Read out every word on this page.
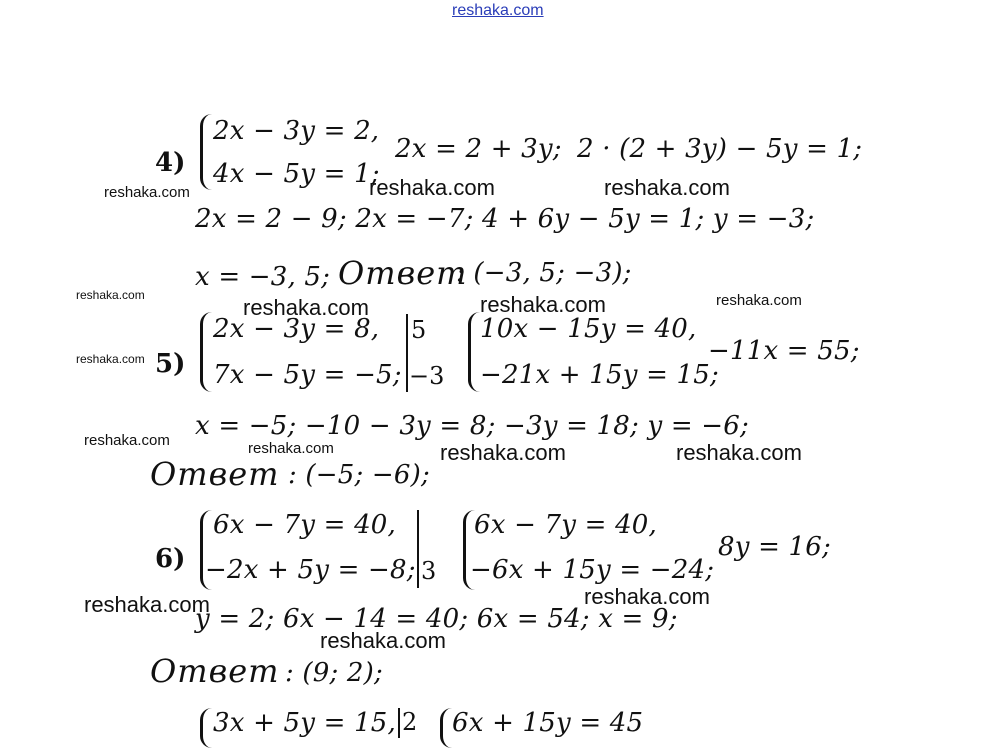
reshaka.com
4)
2x − 3y = 2,
4x − 5y = 1;
2x = 2 + 3y; 2 · (2 + 3y) − 5y = 1;
2x = 2 − 9; 2x = −7; 4 + 6y − 5y = 1; y = −3;
x = −3, 5; Ответ
: (−3, 5; −3);
5)
2x − 3y = 8,
7x − 5y = −5;
5
−3
10x − 15y = 40,
−21x + 15y = 15;
−11x = 55;
x = −5; −10 − 3y = 8; −3y = 18; y = −6;
Ответ : (−5; −6);
6)
6x − 7y = 40,
−2x + 5y = −8; 3
6x − 7y = 40,
−6x + 15y = −24;
8y = 16;
y = 2; 6x − 14 = 40; 6x = 54; x = 9;
Ответ : (9; 2);
3x + 5y = 15, 2 6x + 15y = 45
reshaka.com	reshaka.com	reshaka.com
reshaka.com	reshaka.com	reshaka.com	reshaka.com
reshaka.com
reshaka.com	reshaka.com	reshaka.com	reshaka.com
reshaka.com	reshaka.com
reshaka.com
